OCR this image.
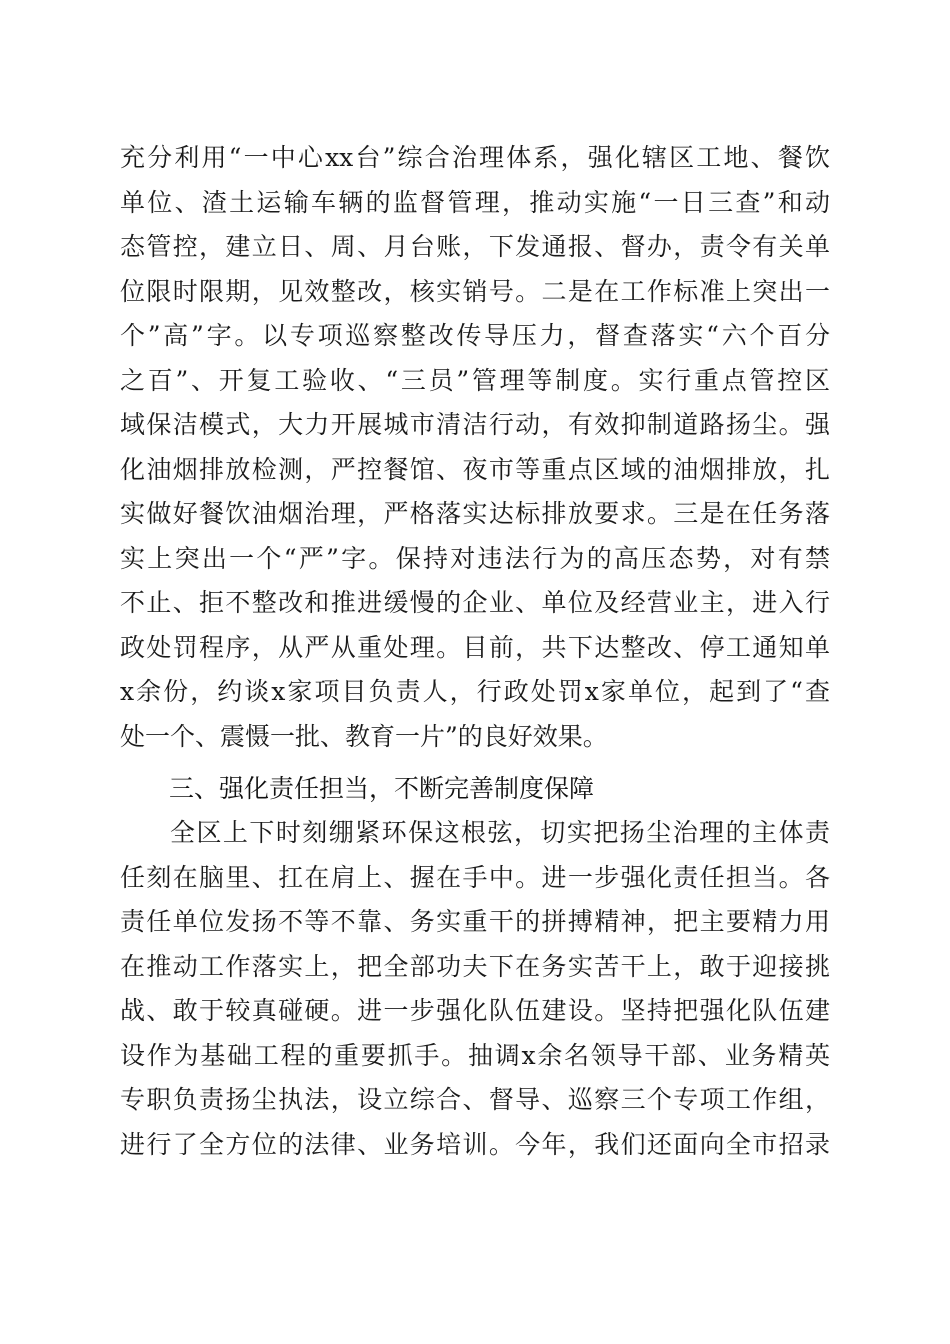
充分利用“一中心xx台”综合治理体系，强化辖区工地、餐饮
单位、渣土运输车辆的监督管理，推动实施“一日三查”和动
态管控，建立日、周、月台账，下发通报、督办，责令有关单
位限时限期，见效整改，核实销号。二是在工作标准上突出一
个”高”字。以专项巡察整改传导压力，督查落实“六个百分
之百”、开复工验收、“三员”管理等制度。实行重点管控区
域保洁模式，大力开展城市清洁行动，有效抑制道路扬尘。强
化油烟排放检测，严控餐馆、夜市等重点区域的油烟排放，扎
实做好餐饮油烟治理，严格落实达标排放要求。三是在任务落
实上突出一个“严”字。保持对违法行为的高压态势，对有禁
不止、拒不整改和推进缓慢的企业、单位及经营业主，进入行
政处罚程序，从严从重处理。目前，共下达整改、停工通知单
x余份，约谈x家项目负责人，行政处罚x家单位，起到了“查
处一个、震慑一批、教育一片”的良好效果。
三、强化责任担当，不断完善制度保障
全区上下时刻绷紧环保这根弦，切实把扬尘治理的主体责
任刻在脑里、扛在肩上、握在手中。进一步强化责任担当。各
责任单位发扬不等不靠、务实重干的拼搏精神，把主要精力用
在推动工作落实上，把全部功夫下在务实苦干上，敢于迎接挑
战、敢于较真碰硬。进一步强化队伍建设。坚持把强化队伍建
设作为基础工程的重要抓手。抽调x余名领导干部、业务精英
专职负责扬尘执法，设立综合、督导、巡察三个专项工作组，
进行了全方位的法律、业务培训。今年，我们还面向全市招录
